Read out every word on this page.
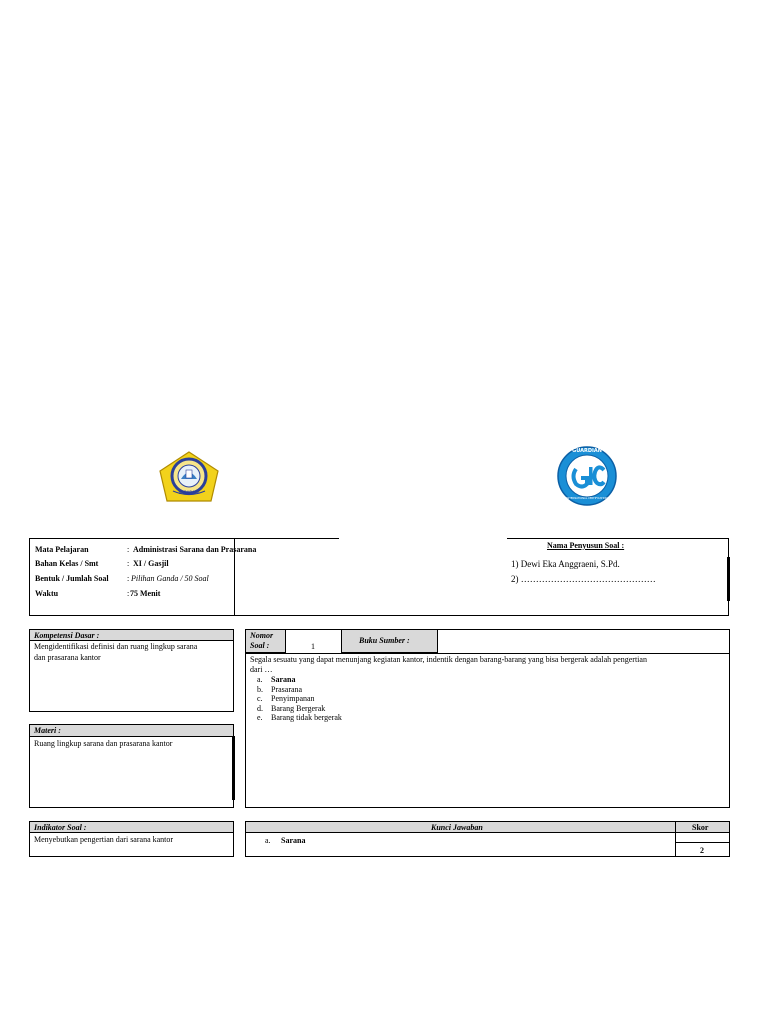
SURABAYA
GUARDIAN
INTERNATIONAL CERTIFICATION
Mata Pelajaran
Bahan Kelas / Smt
Bentuk / Jumlah Soal
Waktu
:
:
:
:
Administrasi Sarana dan Prasarana
XI / Gasjil
Pilihan Ganda / 50 Soal
75 Menit
Nama Penyusun Soal :
1) Dewi Eka Anggraeni, S.Pd.
2) ………………………………………
Kompetensi Dasar :
Mengidentifikasi definisi dan ruang lingkup sarana
dan prasarana kantor
Materi :
Ruang lingkup sarana dan prasarana kantor
Nomor
Soal :	1
Buku Sumber :
Segala sesuatu yang dapat menunjang kegiatan kantor, indentik dengan barang-barang yang bisa bergerak adalah pengertian
dari …
a. Sarana
b. Prasarana
c. Penyimpanan
d. Barang Bergerak
e. Barang tidak bergerak
Indikator Soal :
Menyebutkan pengertian dari sarana kantor
Kunci Jawaban	Skor
a. Sarana
2
